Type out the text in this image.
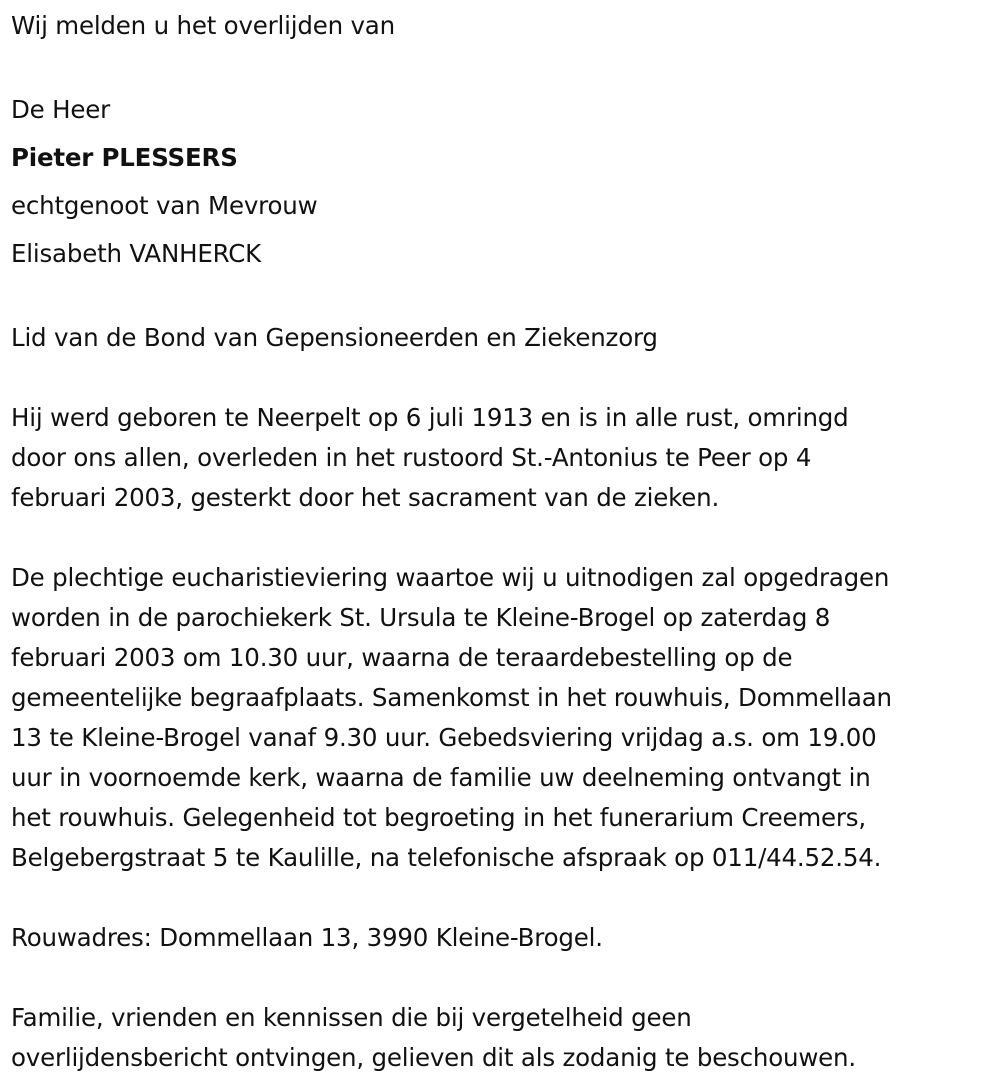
Wij melden u het overlijden van
De Heer
Pieter PLESSERS
echtgenoot van Mevrouw
Elisabeth VANHERCK
Lid van de Bond van Gepensioneerden en Ziekenzorg
Hij werd geboren te Neerpelt op 6 juli 1913 en is in alle rust, omringd
door ons allen, overleden in het rustoord St.-Antonius te Peer op 4
februari 2003, gesterkt door het sacrament van de zieken.
De plechtige eucharistieviering waartoe wij u uitnodigen zal opgedragen
worden in de parochiekerk St. Ursula te Kleine-Brogel op zaterdag 8
februari 2003 om 10.30 uur, waarna de teraardebestelling op de
gemeentelijke begraafplaats. Samenkomst in het rouwhuis, Dommellaan
13 te Kleine-Brogel vanaf 9.30 uur. Gebedsviering vrijdag a.s. om 19.00
uur in voornoemde kerk, waarna de familie uw deelneming ontvangt in
het rouwhuis. Gelegenheid tot begroeting in het funerarium Creemers,
Belgebergstraat 5 te Kaulille, na telefonische afspraak op 011/44.52.54.
Rouwadres: Dommellaan 13, 3990 Kleine-Brogel.
Familie, vrienden en kennissen die bij vergetelheid geen
overlijdensbericht ontvingen, gelieven dit als zodanig te beschouwen.
